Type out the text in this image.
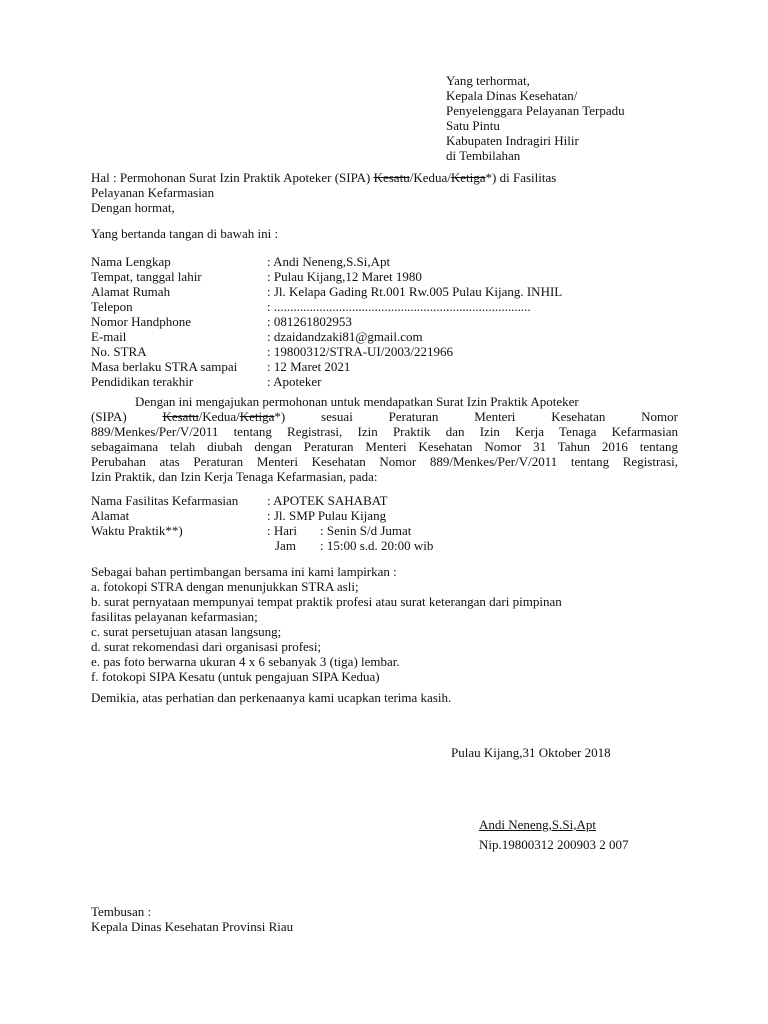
Yang terhormat,
Kepala Dinas Kesehatan/
Penyelenggara Pelayanan Terpadu
Satu Pintu
Kabupaten Indragiri Hilir
di Tembilahan
Hal : Permohonan Surat Izin Praktik Apoteker (SIPA) Kesatu/Kedua/Ketiga*) di Fasilitas
Pelayanan Kefarmasian
Dengan hormat,
Yang bertanda tangan di bawah ini :
Nama Lengkap	: Andi Neneng,S.Si,Apt
Tempat, tanggal lahir	: Pulau Kijang,12 Maret 1980
Alamat Rumah	: Jl. Kelapa Gading Rt.001 Rw.005 Pulau Kijang. INHIL
Telepon	: ...............................................................................
Nomor Handphone	: 081261802953
E-mail	: dzaidandzaki81@gmail.com
No. STRA	: 19800312/STRA-UI/2003/221966
Masa berlaku STRA sampai	: 12 Maret 2021
Pendidikan terakhir	: Apoteker
Dengan ini mengajukan permohonan untuk mendapatkan Surat Izin Praktik Apoteker
(SIPA) Kesatu/Kedua/Ketiga*) sesuai Peraturan Menteri Kesehatan Nomor
889/Menkes/Per/V/2011 tentang Registrasi, Izin Praktik dan Izin Kerja Tenaga Kefarmasian
sebagaimana telah diubah dengan Peraturan Menteri Kesehatan Nomor 31 Tahun 2016 tentang
Perubahan atas Peraturan Menteri Kesehatan Nomor 889/Menkes/Per/V/2011 tentang Registrasi,
Izin Praktik, dan Izin Kerja Tenaga Kefarmasian, pada:
Nama Fasilitas Kefarmasian	: APOTEK SAHABAT
Alamat	: Jl. SMP Pulau Kijang
Waktu Praktik**)	: Hari	: Senin S/d Jumat
Jam	: 15:00 s.d. 20:00 wib
Sebagai bahan pertimbangan bersama ini kami lampirkan :
a. fotokopi STRA dengan menunjukkan STRA asli;
b. surat pernyataan mempunyai tempat praktik profesi atau surat keterangan dari pimpinan
fasilitas pelayanan kefarmasian;
c. surat persetujuan atasan langsung;
d. surat rekomendasi dari organisasi profesi;
e. pas foto berwarna ukuran 4 x 6 sebanyak 3 (tiga) lembar.
f. fotokopi SIPA Kesatu (untuk pengajuan SIPA Kedua)
Demikia, atas perhatian dan perkenaanya kami ucapkan terima kasih.
Pulau Kijang,31 Oktober 2018
Andi Neneng,S.Si,Apt
Nip.19800312 200903 2 007
Tembusan :
Kepala Dinas Kesehatan Provinsi Riau
